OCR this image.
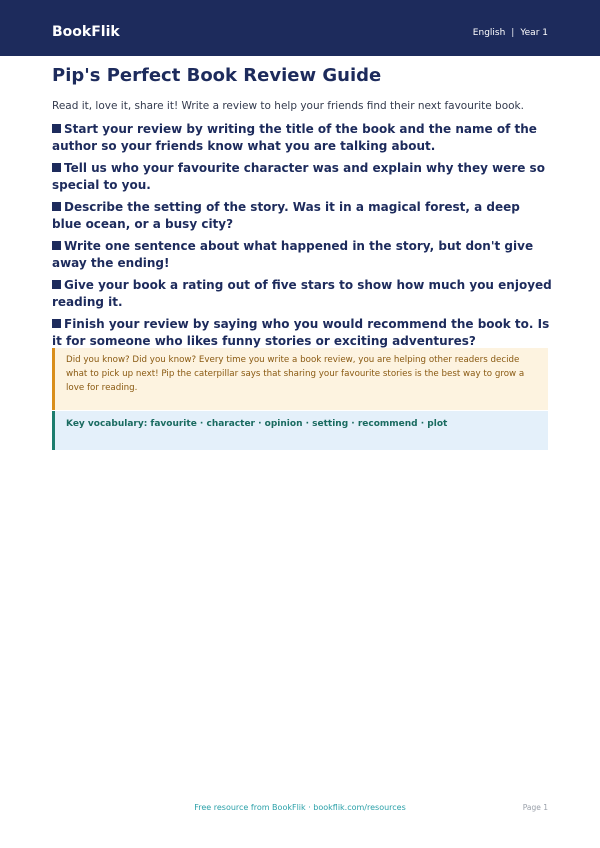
BookFlik	English | Year 1
Pip's Perfect Book Review Guide
Read it, love it, share it! Write a review to help your friends find their next favourite book.
Start your review by writing the title of the book and the name of the author so your friends know what you are talking about.
Tell us who your favourite character was and explain why they were so special to you.
Describe the setting of the story. Was it in a magical forest, a deep blue ocean, or a busy city?
Write one sentence about what happened in the story, but don't give away the ending!
Give your book a rating out of five stars to show how much you enjoyed reading it.
Finish your review by saying who you would recommend the book to. Is it for someone who likes funny stories or exciting adventures?
Did you know? Did you know? Every time you write a book review, you are helping other readers decide what to pick up next! Pip the caterpillar says that sharing your favourite stories is the best way to grow a love for reading.
Key vocabulary: favourite · character · opinion · setting · recommend · plot
Free resource from BookFlik · bookflik.com/resources	Page 1
